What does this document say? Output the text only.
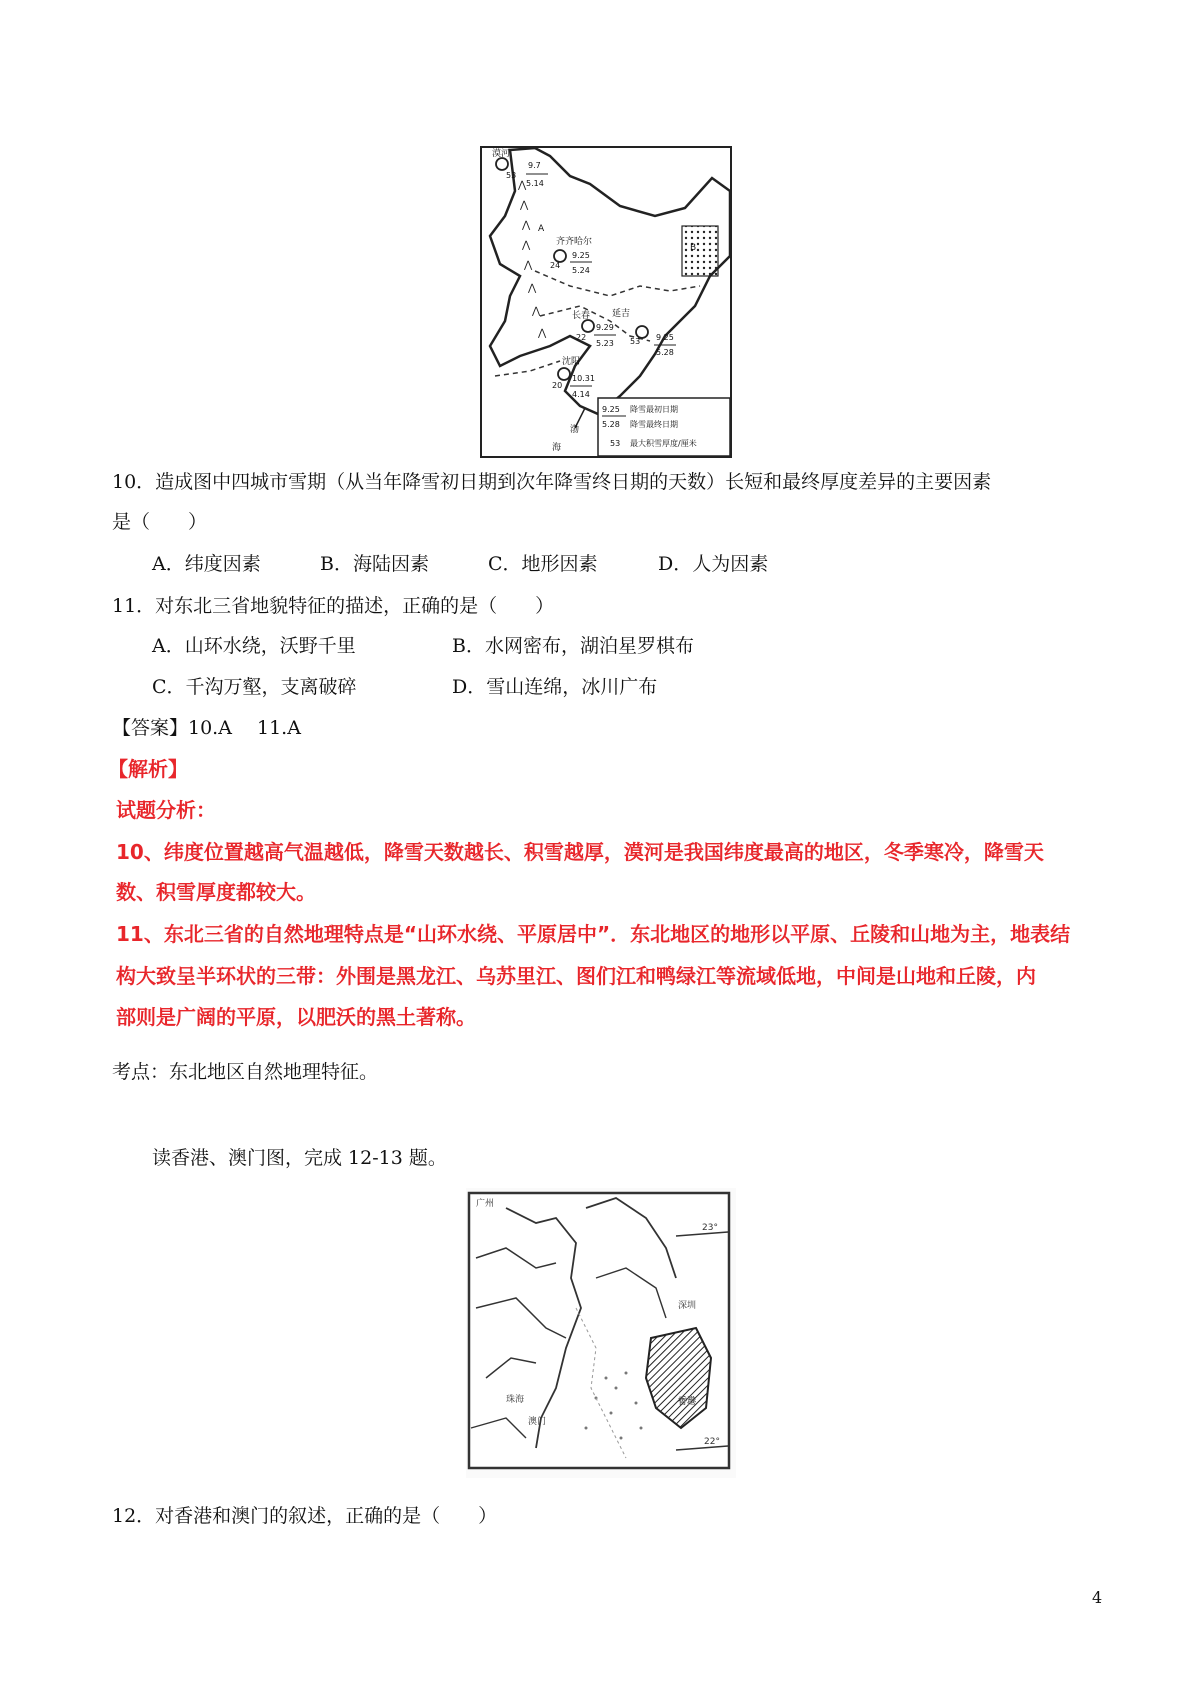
⋀
⋀
⋀
⋀
⋀
⋀
⋀
⋀
漠河
齐齐哈尔
长春 延吉
沈阳
53
9.7
5.14
24
9.25
5.24
22
9.29
5.23 53 9.25
5.28
20
10.31
4.14
A
B
渤
海
9.25 降雪最初日期
5.28 降雪最终日期
53 最大积雪厚度/厘米
10．造成图中四城市雪期（从当年降雪初日期到次年降雪终日期的天数）长短和最终厚度差异的主要因素
是（　　）
A．纬度因素	B．海陆因素	C．地形因素	D．人为因素
11．对东北三省地貌特征的描述，正确的是（　　）
A．山环水绕，沃野千里	B．水网密布，湖泊星罗棋布
C．千沟万壑，支离破碎	D．雪山连绵，冰川广布
【答案】10.A　 11.A
【解析】
试题分析：
10、纬度位置越高气温越低，降雪天数越长、积雪越厚，漠河是我国纬度最高的地区，冬季寒冷，降雪天
数、积雪厚度都较大。
11、东北三省的自然地理特点是“山环水绕、平原居中”．东北地区的地形以平原、丘陵和山地为主，地表结
构大致呈半环状的三带：外围是黑龙江、乌苏里江、图们江和鸭绿江等流域低地，中间是山地和丘陵，内
部则是广阔的平原，以肥沃的黑土著称。
考点：东北地区自然地理特征。
读香港、澳门图，完成 12-13 题。
23°
22°
广州
深圳
珠海
澳门
香港
12．对香港和澳门的叙述，正确的是（　　）
4
